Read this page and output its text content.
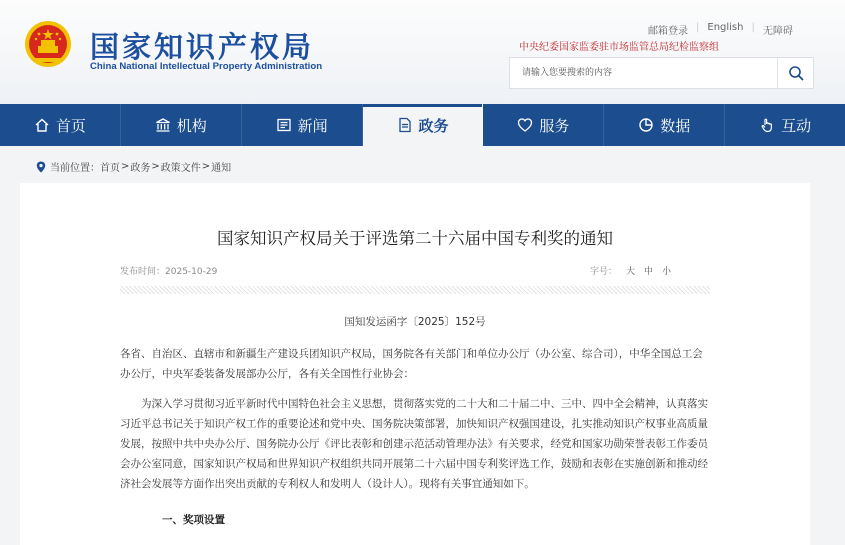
国家知识产权局
China National Intellectual Property Administration
邮箱登录 | English | 无障碍
中央纪委国家监委驻市场监管总局纪检监察组
请输入您要搜索的内容
首页	机构	新闻	政务	服务	数据	互动
当前位置： 首页 > 政务 > 政策文件 > 通知
国家知识产权局关于评选第二十六届中国专利奖的通知
发布时间：2025-10-29	字号： 大 中 小
国知发运函字〔2025〕152号
各省、自治区、直辖市和新疆生产建设兵团知识产权局，国务院各有关部门和单位办公厅（办公室、综合司），中华全国总工会办公厅，中央军委装备发展部办公厅，各有关全国性行业协会：
为深入学习贯彻习近平新时代中国特色社会主义思想，贯彻落实党的二十大和二十届二中、三中、四中全会精神，认真落实习近平总书记关于知识产权工作的重要论述和党中央、国务院决策部署，加快知识产权强国建设，扎实推动知识产权事业高质量发展，按照中共中央办公厅、国务院办公厅《评比表彰和创建示范活动管理办法》有关要求，经党和国家功勋荣誉表彰工作委员会办公室同意，国家知识产权局和世界知识产权组织共同开展第二十六届中国专利奖评选工作，鼓励和表彰在实施创新和推动经济社会发展等方面作出突出贡献的专利权人和发明人（设计人）。现将有关事宜通知如下。
一、奖项设置
